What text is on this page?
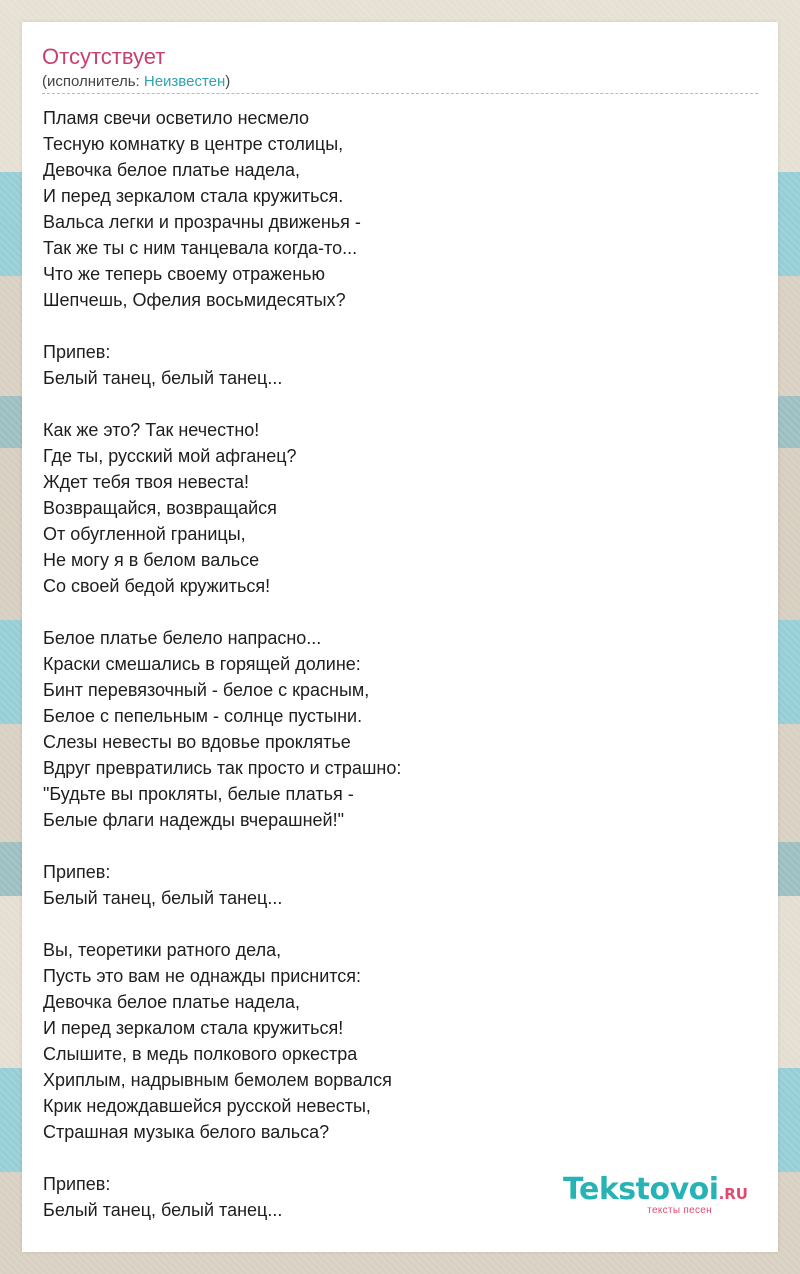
Отсутствует
(исполнитель: Неизвестен)
Пламя свечи осветило несмело
Тесную комнатку в центре столицы,
Девочка белое платье надела,
И перед зеркалом стала кружиться.
Вальса легки и прозрачны движенья -
Так же ты с ним танцевала когда-то...
Что же теперь своему отраженью
Шепчешь, Офелия восьмидесятых?
Припев:
Белый танец, белый танец...
Как же это? Так нечестно!
Где ты, русский мой афганец?
Ждет тебя твоя невеста!
Возвращайся, возвращайся
От обугленной границы,
Не могу я в белом вальсе
Со своей бедой кружиться!
Белое платье белело напрасно...
Краски смешались в горящей долине:
Бинт перевязочный - белое с красным,
Белое с пепельным - солнце пустыни.
Слезы невесты во вдовье проклятье
Вдруг превратились так просто и страшно:
"Будьте вы прокляты, белые платья -
Белые флаги надежды вчерашней!"
Припев:
Белый танец, белый танец...
Вы, теоретики ратного дела,
Пусть это вам не однажды приснится:
Девочка белое платье надела,
И перед зеркалом стала кружиться!
Слышите, в медь полкового оркестра
Хриплым, надрывным бемолем ворвался
Крик недождавшейся русской невесты,
Страшная музыка белого вальса?
Припев:
Белый танец, белый танец...
Tekstovoi.RU
тексты песен
